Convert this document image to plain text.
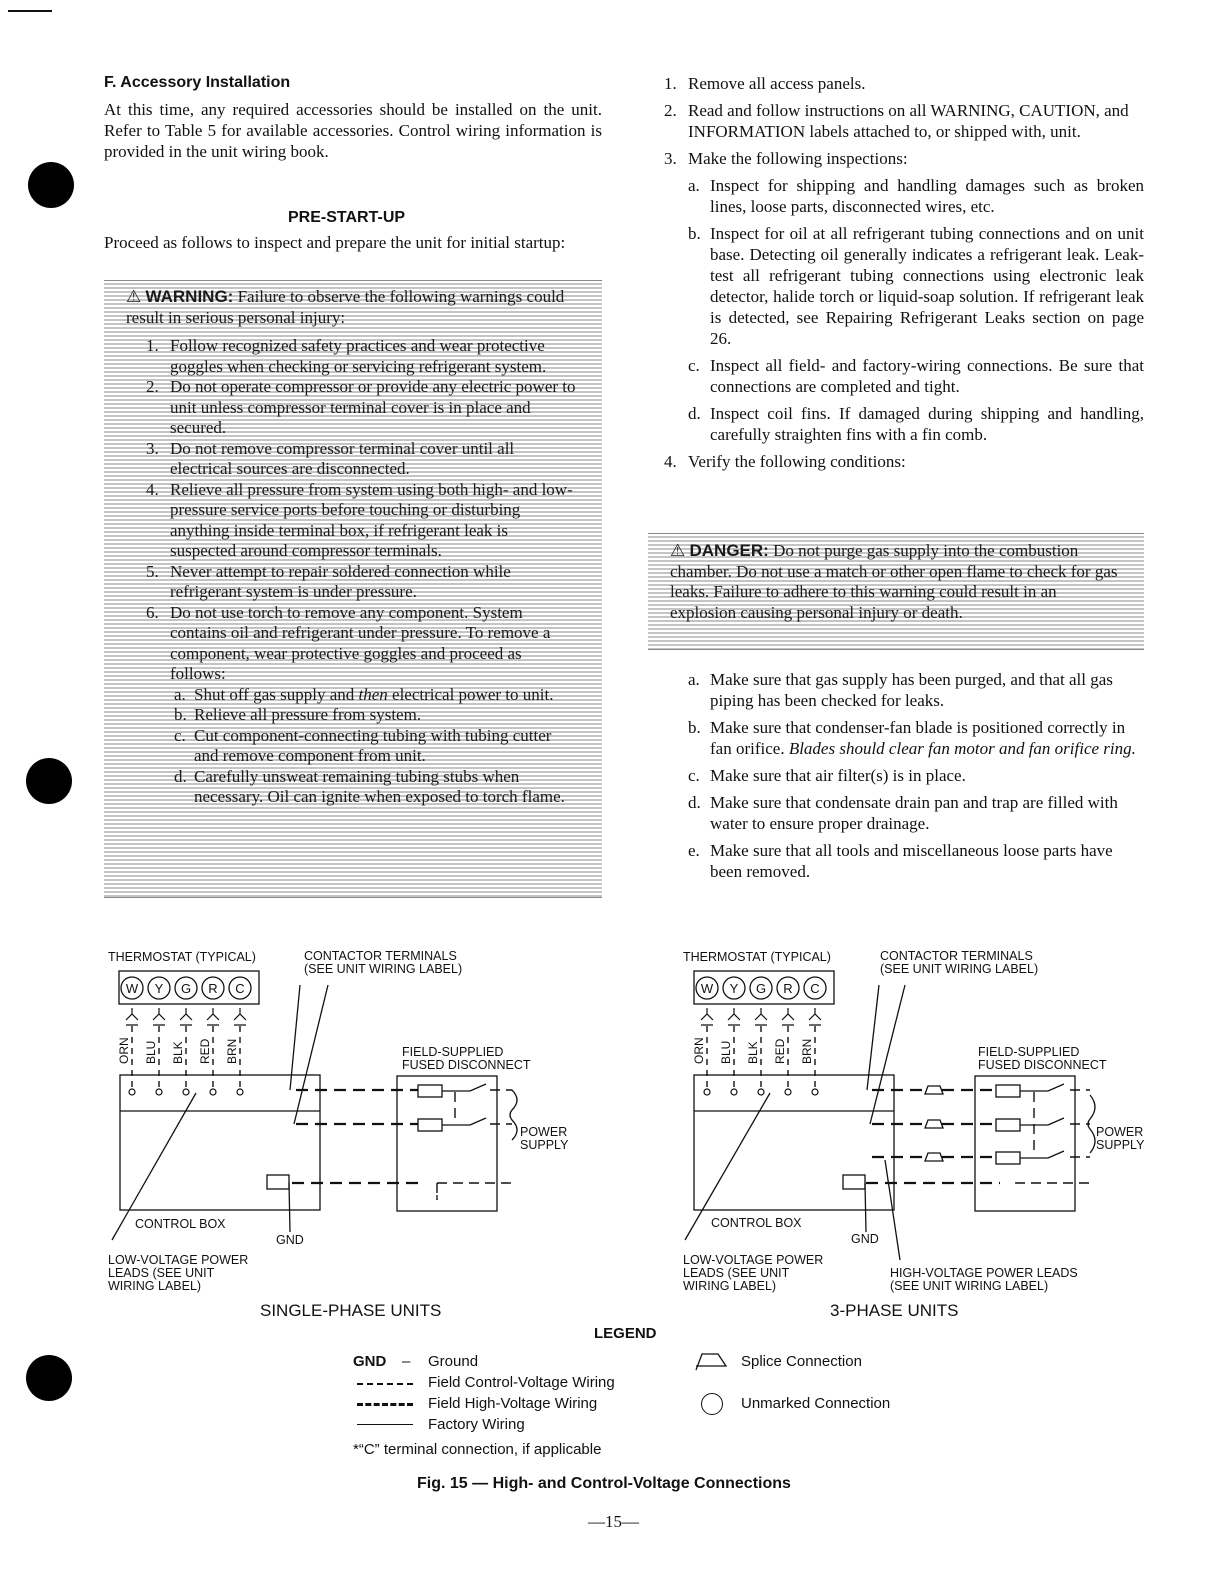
F. Accessory Installation
At this time, any required accessories should be installed on the unit. Refer to Table 5 for available accessories. Control wiring information is provided in the unit wiring book.
PRE-START-UP
Proceed as follows to inspect and prepare the unit for initial startup:
⚠ WARNING: Failure to observe the following warnings could result in serious personal injury:
1. Follow recognized safety practices and wear protective goggles when checking or servicing refrigerant system.
2. Do not operate compressor or provide any electric power to unit unless compressor terminal cover is in place and secured.
3. Do not remove compressor terminal cover until all electrical sources are disconnected.
4. Relieve all pressure from system using both high- and low-pressure service ports before touching or disturbing anything inside terminal box, if refrigerant leak is suspected around compressor terminals.
5. Never attempt to repair soldered connection while refrigerant system is under pressure.
6. Do not use torch to remove any component. System contains oil and refrigerant under pressure. To remove a component, wear protective goggles and proceed as follows:
a. Shut off gas supply and then electrical power to unit.
b. Relieve all pressure from system.
c. Cut component-connecting tubing with tubing cutter and remove component from unit.
d. Carefully unsweat remaining tubing stubs when necessary. Oil can ignite when exposed to torch flame.
1. Remove all access panels.
2. Read and follow instructions on all WARNING, CAUTION, and INFORMATION labels attached to, or shipped with, unit.
3. Make the following inspections:
a. Inspect for shipping and handling damages such as broken lines, loose parts, disconnected wires, etc.
b. Inspect for oil at all refrigerant tubing connections and on unit base. Detecting oil generally indicates a refrigerant leak. Leak-test all refrigerant tubing connections using electronic leak detector, halide torch or liquid-soap solution. If refrigerant leak is detected, see Repairing Refrigerant Leaks section on page 26.
c. Inspect all field- and factory-wiring connections. Be sure that connections are completed and tight.
d. Inspect coil fins. If damaged during shipping and handling, carefully straighten fins with a fin comb.
4. Verify the following conditions:
⚠ DANGER: Do not purge gas supply into the combustion chamber. Do not use a match or other open flame to check for gas leaks. Failure to adhere to this warning could result in an explosion causing personal injury or death.
a. Make sure that gas supply has been purged, and that all gas piping has been checked for leaks.
b. Make sure that condenser-fan blade is positioned correctly in fan orifice. Blades should clear fan motor and fan orifice ring.
c. Make sure that air filter(s) is in place.
d. Make sure that condensate drain pan and trap are filled with water to ensure proper drainage.
e. Make sure that all tools and miscellaneous loose parts have been removed.
W
ORN
Y
BLU
G
BLK
R
RED
C
BRN
W
ORN
Y
BLU
G
BLK
R
RED
C
BRN
THERMOSTAT (TYPICAL)	CONTACTOR TERMINALS
(SEE UNIT WIRING LABEL)
FIELD-SUPPLIED
FUSED DISCONNECT
POWER
SUPPLY
CONTROL BOX
GND
LOW-VOLTAGE POWER
LEADS (SEE UNIT
WIRING LABEL)
SINGLE-PHASE UNITS
THERMOSTAT (TYPICAL)	CONTACTOR TERMINALS
(SEE UNIT WIRING LABEL)
FIELD-SUPPLIED
FUSED DISCONNECT
POWER
SUPPLY
CONTROL BOX
GND
LOW-VOLTAGE POWER
LEADS (SEE UNIT
WIRING LABEL)
HIGH-VOLTAGE POWER LEADS
(SEE UNIT WIRING LABEL)
3-PHASE UNITS
LEGEND
GND – Ground
Field Control-Voltage Wiring
Field High-Voltage Wiring
Factory Wiring
Splice Connection
Unmarked Connection
*“C” terminal connection, if applicable
Fig. 15 — High- and Control-Voltage Connections
—15—
